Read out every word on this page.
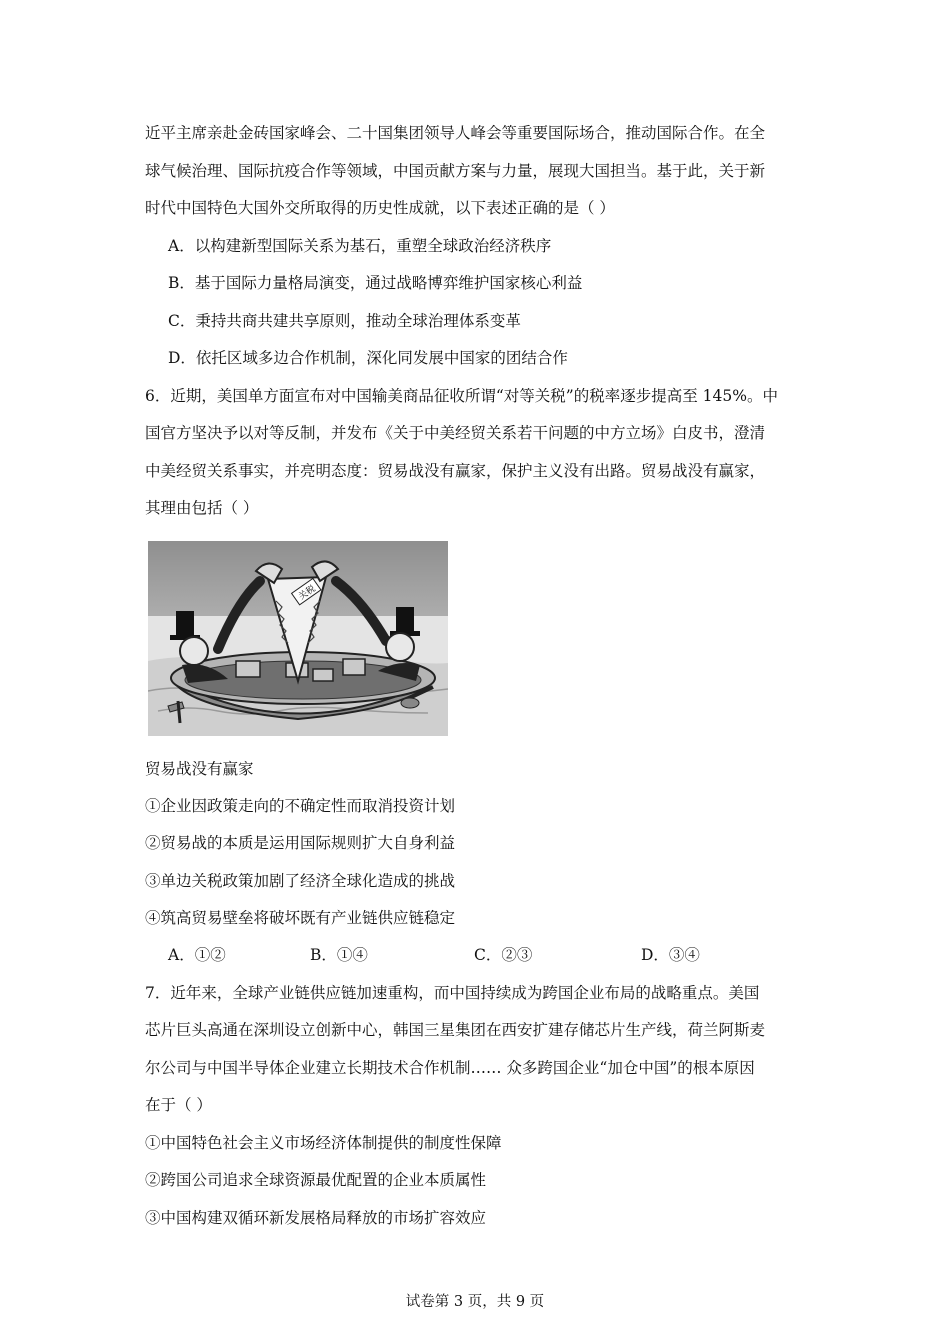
近平主席亲赴金砖国家峰会、二十国集团领导人峰会等重要国际场合，推动国际合作。在全
球气候治理、国际抗疫合作等领域，中国贡献方案与力量，展现大国担当。基于此，关于新
时代中国特色大国外交所取得的历史性成就，以下表述正确的是（ ）
A．以构建新型国际关系为基石，重塑全球政治经济秩序
B．基于国际力量格局演变，通过战略博弈维护国家核心利益
C．秉持共商共建共享原则，推动全球治理体系变革
D．依托区域多边合作机制，深化同发展中国家的团结合作
6．近期，美国单方面宣布对中国输美商品征收所谓“对等关税”的税率逐步提高至 145%。中
国官方坚决予以对等反制，并发布《关于中美经贸关系若干问题的中方立场》白皮书，澄清
中美经贸关系事实，并亮明态度：贸易战没有赢家，保护主义没有出路。贸易战没有赢家，
其理由包括（ ）
关税
贸易战没有赢家
①企业因政策走向的不确定性而取消投资计划
②贸易战的本质是运用国际规则扩大自身利益
③单边关税政策加剧了经济全球化造成的挑战
④筑高贸易壁垒将破坏既有产业链供应链稳定
A．①②	B．①④	C．②③	D．③④
7．近年来，全球产业链供应链加速重构，而中国持续成为跨国企业布局的战略重点。美国
芯片巨头高通在深圳设立创新中心，韩国三星集团在西安扩建存储芯片生产线，荷兰阿斯麦
尔公司与中国半导体企业建立长期技术合作机制…… 众多跨国企业“加仓中国”的根本原因
在于（ ）
①中国特色社会主义市场经济体制提供的制度性保障
②跨国公司追求全球资源最优配置的企业本质属性
③中国构建双循环新发展格局释放的市场扩容效应
试卷第 3 页，共 9 页
